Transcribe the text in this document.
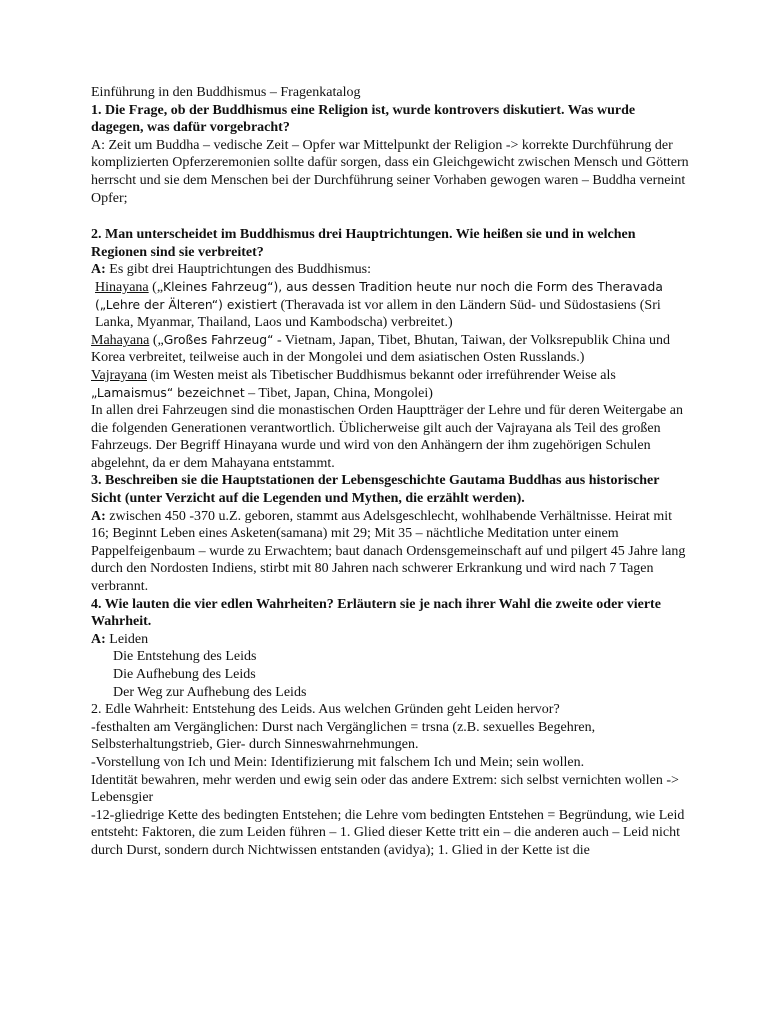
Einführung in den Buddhismus – Fragenkatalog

1. Die Frage, ob der Buddhismus eine Religion ist, wurde kontrovers diskutiert. Was wurde dagegen, was dafür vorgebracht?

A: Zeit um Buddha – vedische Zeit – Opfer war Mittelpunkt der Religion -> korrekte Durchführung der komplizierten Opferzeremonien sollte dafür sorgen, dass ein Gleichgewicht zwischen Mensch und Göttern herrscht und sie dem Menschen bei der Durchführung seiner Vorhaben gewogen waren – Buddha verneint Opfer;

2. Man unterscheidet im Buddhismus drei Hauptrichtungen. Wie heißen sie und in welchen Regionen sind sie verbreitet?

A: Es gibt drei Hauptrichtungen des Buddhismus:

Hinayana („Kleines Fahrzeug“), aus dessen Tradition heute nur noch die Form des Theravada („Lehre der Älteren“) existiert (Theravada ist vor allem in den Ländern Süd- und Südostasiens (Sri Lanka, Myanmar, Thailand, Laos und Kambodscha) verbreitet.)

Mahayana („Großes Fahrzeug“ - Vietnam, Japan, Tibet, Bhutan, Taiwan, der Volksrepublik China und Korea verbreitet, teilweise auch in der Mongolei und dem asiatischen Osten Russlands.)

Vajrayana (im Westen meist als Tibetischer Buddhismus bekannt oder irreführender Weise als „Lamaismus“ bezeichnet – Tibet, Japan, China, Mongolei)

In allen drei Fahrzeugen sind die monastischen Orden Hauptträger der Lehre und für deren Weitergabe an die folgenden Generationen verantwortlich. Üblicherweise gilt auch der Vajrayana als Teil des großen Fahrzeugs. Der Begriff Hinayana wurde und wird von den Anhängern der ihm zugehörigen Schulen abgelehnt, da er dem Mahayana entstammt.

3. Beschreiben sie die Hauptstationen der Lebensgeschichte Gautama Buddhas aus historischer Sicht (unter Verzicht auf die Legenden und Mythen, die erzählt werden).

A: zwischen 450 -370 u.Z. geboren, stammt aus Adelsgeschlecht, wohlhabende Verhältnisse. Heirat mit 16; Beginnt Leben eines Asketen(samana) mit 29; Mit 35 – nächtliche Meditation unter einem Pappelfeigenbaum – wurde zu Erwachtem; baut danach Ordensgemeinschaft auf und pilgert 45 Jahre lang durch den Nordosten Indiens, stirbt mit 80 Jahren nach schwerer Erkrankung und wird nach 7 Tagen verbrannt.

4. Wie lauten die vier edlen Wahrheiten? Erläutern sie je nach ihrer Wahl die zweite oder vierte Wahrheit.

A: Leiden

Die Entstehung des Leids

Die Aufhebung des Leids

Der Weg zur Aufhebung des Leids

2. Edle Wahrheit: Entstehung des Leids. Aus welchen Gründen geht Leiden hervor?

-festhalten am Vergänglichen: Durst nach Vergänglichen = trsna (z.B. sexuelles Begehren, Selbsterhaltungstrieb, Gier- durch Sinneswahrnehmungen.

-Vorstellung von Ich und Mein: Identifizierung mit falschem Ich und Mein; sein wollen.

Identität bewahren, mehr werden und ewig sein oder das andere Extrem: sich selbst vernichten wollen -> Lebensgier

-12-gliedrige Kette des bedingten Entstehen; die Lehre vom bedingten Entstehen = Begründung, wie Leid entsteht: Faktoren, die zum Leiden führen – 1. Glied dieser Kette tritt ein – die anderen auch – Leid nicht durch Durst, sondern durch Nichtwissen entstanden (avidya); 1. Glied in der Kette ist die
